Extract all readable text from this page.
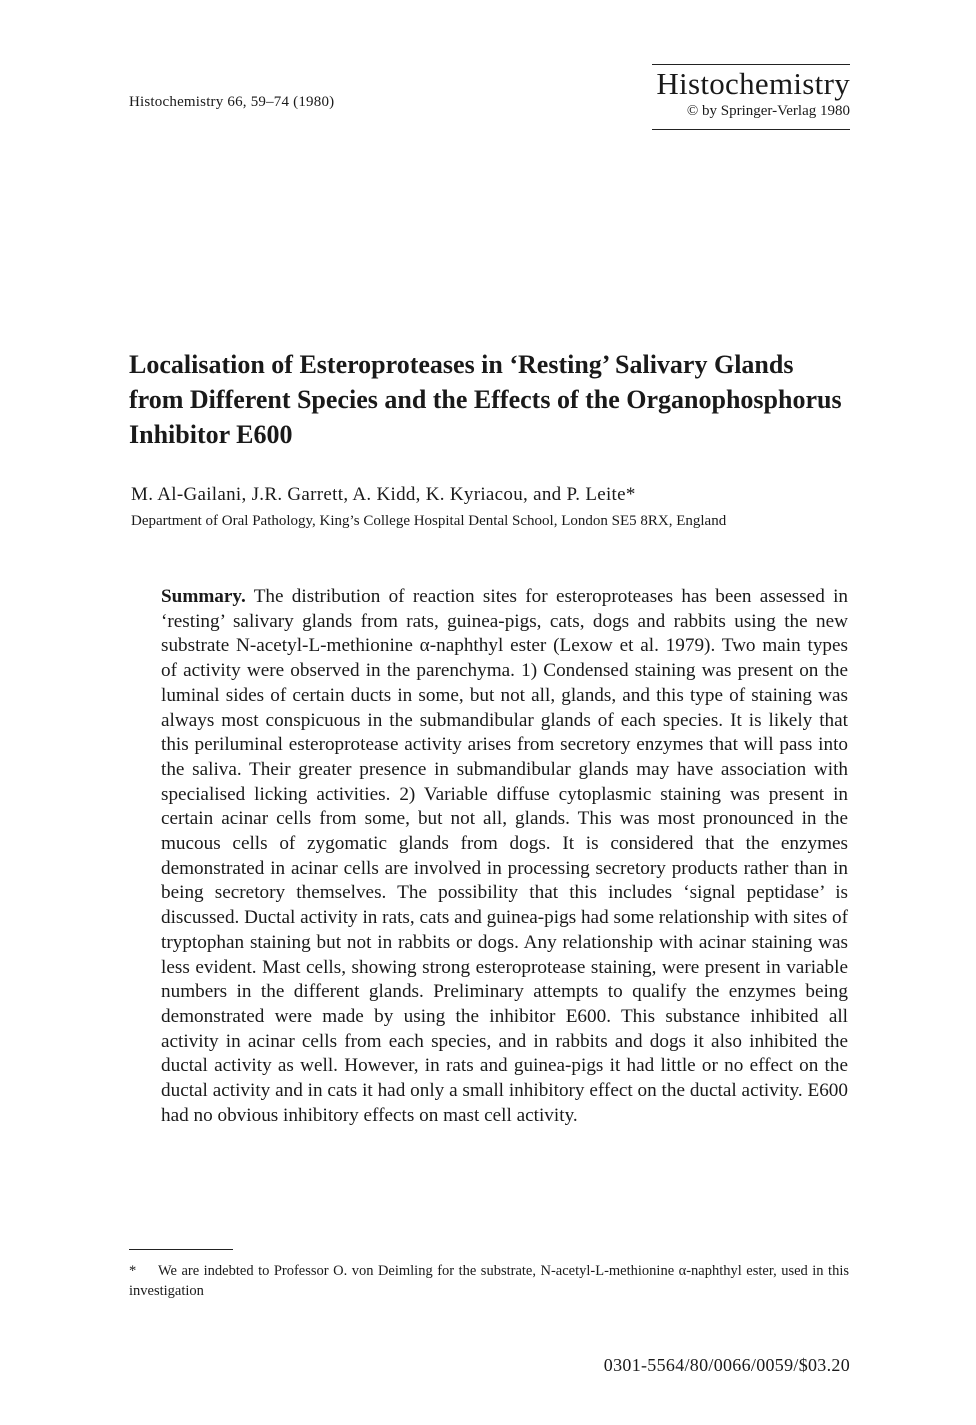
Histochemistry 66, 59–74 (1980)
Histochemistry
© by Springer-Verlag 1980
Localisation of Esteroproteases in ‘Resting’ Salivary Glands from Different Species and the Effects of the Organophosphorus Inhibitor E600
M. Al-Gailani, J.R. Garrett, A. Kidd, K. Kyriacou, and P. Leite*
Department of Oral Pathology, King’s College Hospital Dental School, London SE5 8RX, England

Summary. The distribution of reaction sites for esteroproteases has been assessed in ‘resting’ salivary glands from rats, guinea-pigs, cats, dogs and rabbits using the new substrate N-acetyl-L-methionine α-naphthyl ester (Lexow et al. 1979). Two main types of activity were observed in the parenchyma. 1) Condensed staining was present on the luminal sides of certain ducts in some, but not all, glands, and this type of staining was always most conspicuous in the submandibular glands of each species. It is likely that this periluminal esteroprotease activity arises from secretory enzymes that will pass into the saliva. Their greater presence in submandibular glands may have association with specialised licking activities. 2) Variable diffuse cytoplasmic staining was present in certain acinar cells from some, but not all, glands. This was most pronounced in the mucous cells of zygomatic glands from dogs. It is considered that the enzymes demonstrated in acinar cells are involved in processing secretory products rather than in being secretory themselves. The possibility that this includes ‘signal peptidase’ is discussed. Ductal activity in rats, cats and guinea-pigs had some relationship with sites of tryptophan staining but not in rabbits or dogs. Any relationship with acinar staining was less evident. Mast cells, showing strong esteroprotease staining, were present in variable numbers in the different glands. Preliminary attempts to qualify the enzymes being demonstrated were made by using the inhibitor E600. This substance inhibited all activity in acinar cells from each species, and in rabbits and dogs it also inhibited the ductal activity as well. However, in rats and guinea-pigs it had little or no effect on the ductal activity and in cats it had only a small inhibitory effect on the ductal activity. E600 had no obvious inhibitory effects on mast cell activity.

* We are indebted to Professor O. von Deimling for the substrate, N-acetyl-L-methionine α-naphthyl ester, used in this investigation
0301-5564/80/0066/0059/$03.20
